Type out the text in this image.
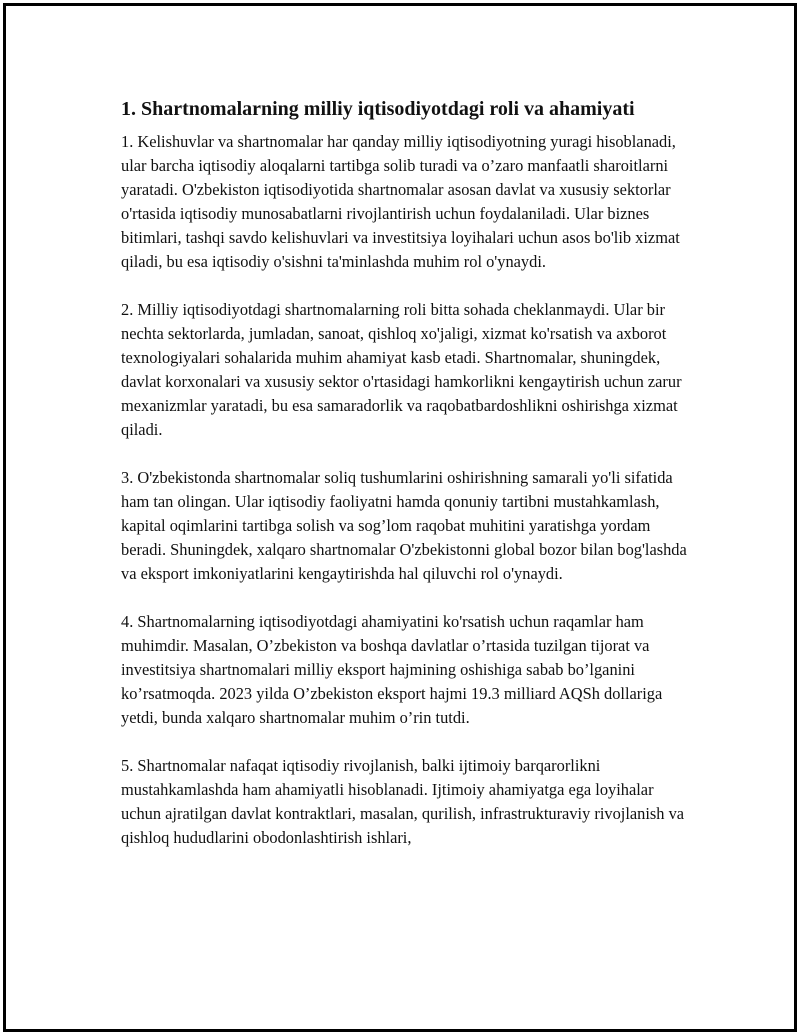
1. Shartnomalarning milliy iqtisodiyotdagi roli va ahamiyati

1. Kelishuvlar va shartnomalar har qanday milliy iqtisodiyotning yuragi hisoblanadi, ular barcha iqtisodiy aloqalarni tartibga solib turadi va o’zaro manfaatli sharoitlarni yaratadi. O'zbekiston iqtisodiyotida shartnomalar asosan davlat va xususiy sektorlar o'rtasida iqtisodiy munosabatlarni rivojlantirish uchun foydalaniladi. Ular biznes bitimlari, tashqi savdo kelishuvlari va investitsiya loyihalari uchun asos bo'lib xizmat qiladi, bu esa iqtisodiy o'sishni ta'minlashda muhim rol o'ynaydi.

2. Milliy iqtisodiyotdagi shartnomalarning roli bitta sohada cheklanmaydi. Ular bir nechta sektorlarda, jumladan, sanoat, qishloq xo'jaligi, xizmat ko'rsatish va axborot texnologiyalari sohalarida muhim ahamiyat kasb etadi. Shartnomalar, shuningdek, davlat korxonalari va xususiy sektor o'rtasidagi hamkorlikni kengaytirish uchun zarur mexanizmlar yaratadi, bu esa samaradorlik va raqobatbardoshlikni oshirishga xizmat qiladi.

3. O'zbekistonda shartnomalar soliq tushumlarini oshirishning samarali yo'li sifatida ham tan olingan. Ular iqtisodiy faoliyatni hamda qonuniy tartibni mustahkamlash, kapital oqimlarini tartibga solish va sog’lom raqobat muhitini yaratishga yordam beradi. Shuningdek, xalqaro shartnomalar O'zbekistonni global bozor bilan bog'lashda va eksport imkoniyatlarini kengaytirishda hal qiluvchi rol o'ynaydi.

4. Shartnomalarning iqtisodiyotdagi ahamiyatini ko'rsatish uchun raqamlar ham muhimdir. Masalan, O’zbekiston va boshqa davlatlar o’rtasida tuzilgan tijorat va investitsiya shartnomalari milliy eksport hajmining oshishiga sabab bo’lganini ko’rsatmoqda. 2023 yilda O’zbekiston eksport hajmi 19.3 milliard AQSh dollariga yetdi, bunda xalqaro shartnomalar muhim o’rin tutdi.

5. Shartnomalar nafaqat iqtisodiy rivojlanish, balki ijtimoiy barqarorlikni mustahkamlashda ham ahamiyatli hisoblanadi. Ijtimoiy ahamiyatga ega loyihalar uchun ajratilgan davlat kontraktlari, masalan, qurilish, infrastrukturaviy rivojlanish va qishloq hududlarini obodonlashtirish ishlari,
